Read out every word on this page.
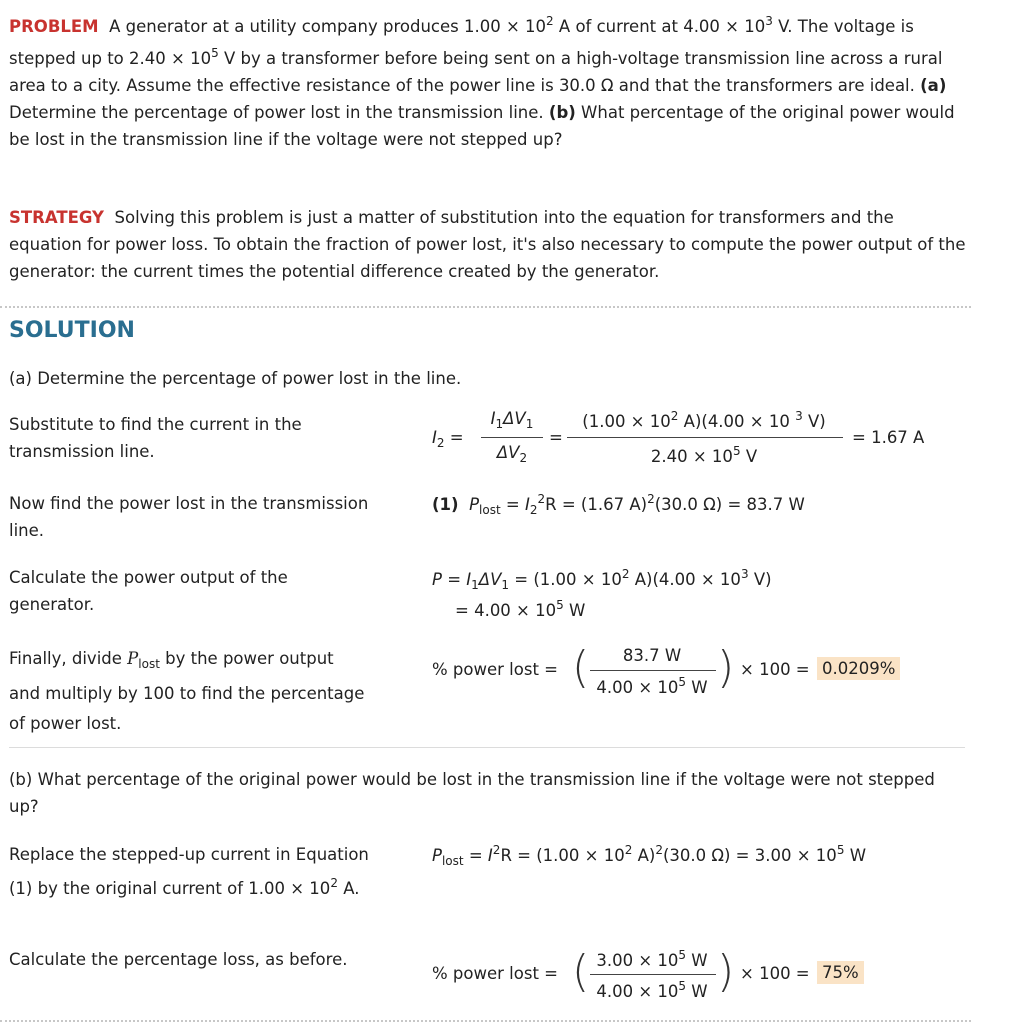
PROBLEM A generator at a utility company produces $1.00 \times 10^2$ A of current at $4.00 \times 10^3$ V. The voltage is stepped up to $2.40 \times 10^5$ V by a transformer before being sent on a high-voltage transmission line across a rural area to a city. Assume the effective resistance of the power line is 30.0 Ω and that the transformers are ideal. (a) Determine the percentage of power lost in the transmission line. (b) What percentage of the original power would be lost in the transmission line if the voltage were not stepped up?
STRATEGY Solving this problem is just a matter of substitution into the equation for transformers and the equation for power loss. To obtain the fraction of power lost, it's also necessary to compute the power output of the generator: the current times the potential difference created by the generator.
SOLUTION
(a) Determine the percentage of power lost in the line.
Substitute to find the current in the transmission line.
$I_2$ =
$I_1\Delta V_1$
$\Delta V_2$
=
($1.00 \times 10^2$ A)(4.00 × 10 $^3$ V)
$2.40 \times 10^5$ V
= 1.67 A
Now find the power lost in the transmission line.
(1) $P_{lost} = I_2^2R = (1.67$ A)$^2$(30.0 Ω) = 83.7 W
Calculate the power output of the generator.
$P = I_1\Delta V_1 = (1.00 \times 10^2$ $A)(4.00 \times 10^3$ V)
= $4.00 \times 10^5$ W
Finally, divide $P_{lost}$ by the power output and multiply by 100 to find the percentage of power lost.
% power lost = (	83.7 W
$4.00 \times 10^5$ W ) × 100 = 0.0209%
(b) What percentage of the original power would be lost in the transmission line if the voltage were not stepped up?
Replace the stepped-up current in Equation (1) by the original current of $1.00 \times 10^2$ A.
$P_{lost} = I^2R = (1.00 \times 10^2$ A)$^2$(30.0 $\Omega) = 3.00 \times 10^5$ W
Calculate the percentage loss, as before.
% power lost = ( $3.00 \times 10^5$ W
$4.00 \times 10^5$ W ) × 100 = 75%
